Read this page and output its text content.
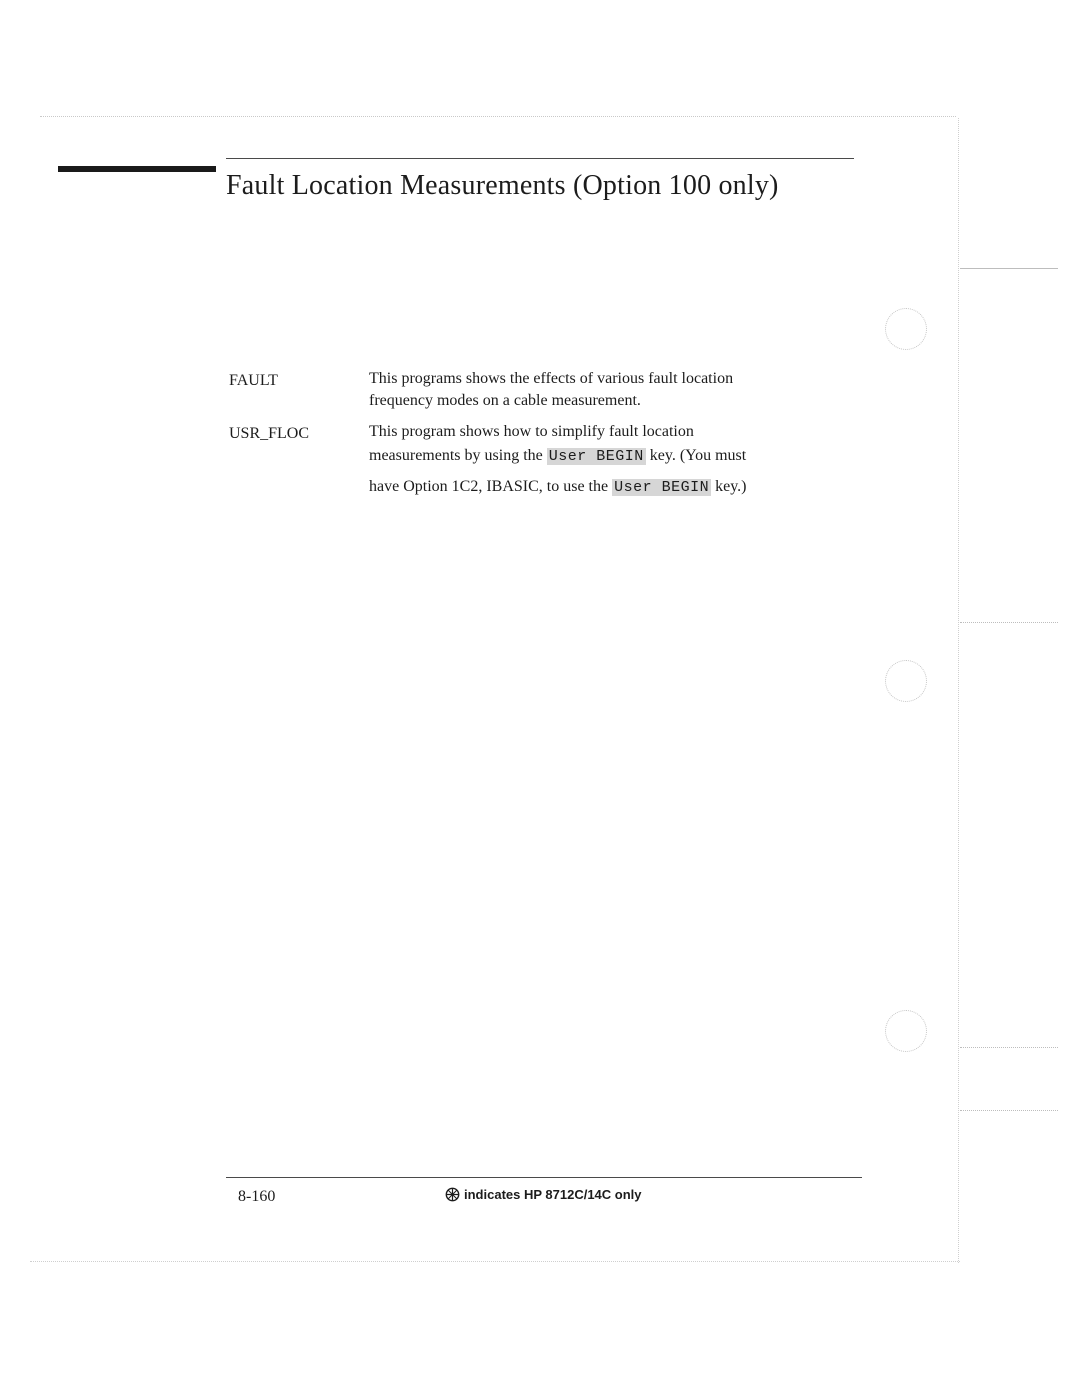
Fault Location Measurements (Option 100 only)
FAULT	This programs shows the effects of various fault location
frequency modes on a cable measurement.
USR_FLOC	This program shows how to simplify fault location
measurements by using the User BEGIN key. (You must
have Option 1C2, IBASIC, to use the User BEGIN key.)
8-160	indicates HP 8712C/14C only
